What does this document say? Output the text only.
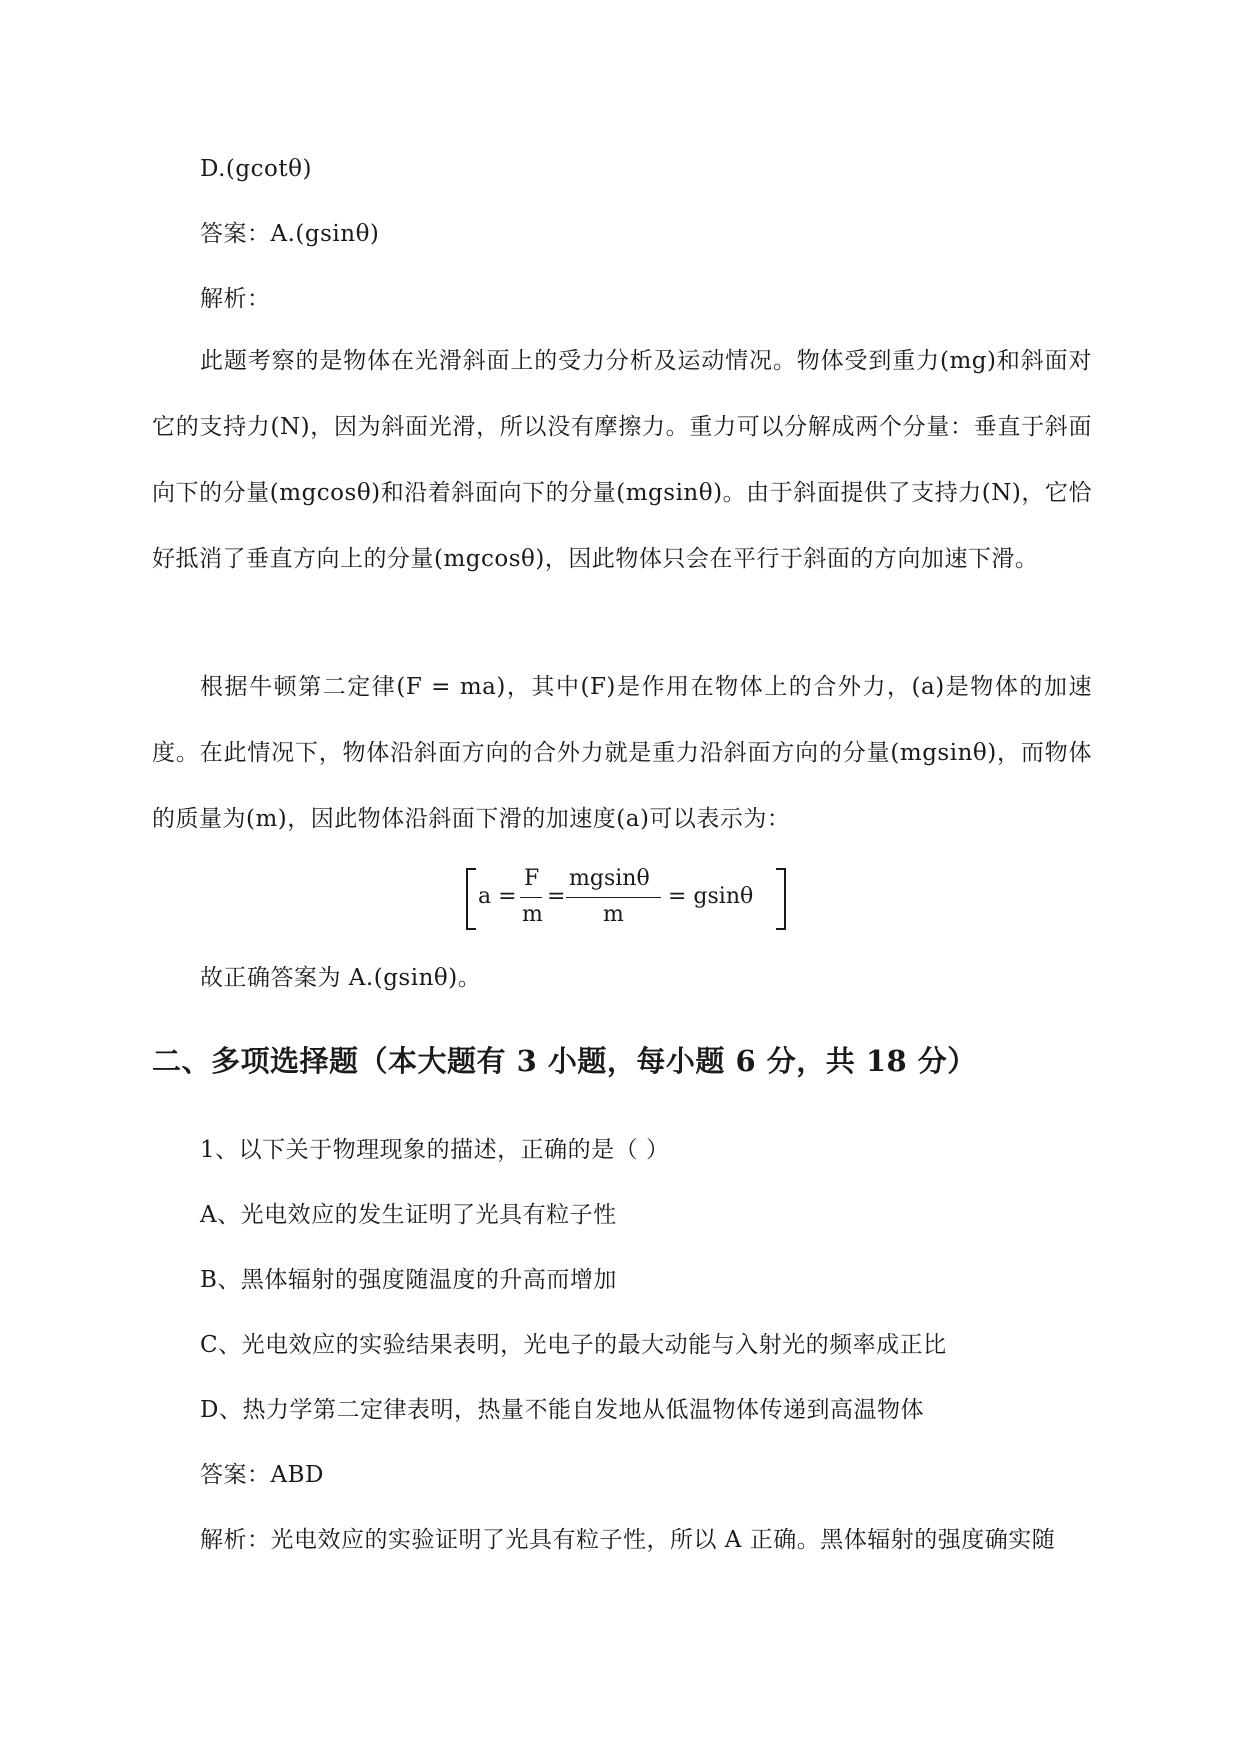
D.(gcotθ)
答案：A.(gsinθ)
解析：
此题考察的是物体在光滑斜面上的受力分析及运动情况。物体受到重力(mg)和斜面对它的支持力(N)，因为斜面光滑，所以没有摩擦力。重力可以分解成两个分量：垂直于斜面向下的分量(mgcosθ)和沿着斜面向下的分量(mgsinθ)。由于斜面提供了支持力(N)，它恰好抵消了垂直方向上的分量(mgcosθ)，因此物体只会在平行于斜面的方向加速下滑。
根据牛顿第二定律(F = ma)，其中(F)是作用在物体上的合外力，(a)是物体的加速度。在此情况下，物体沿斜面方向的合外力就是重力沿斜面方向的分量(mgsinθ)，而物体的质量为(m)，因此物体沿斜面下滑的加速度(a)可以表示为：
a =
F
m
=
mgsinθ
m
= gsinθ
故正确答案为 A.(gsinθ)。
二、多项选择题（本大题有 3 小题，每小题 6 分，共 18 分）
1、以下关于物理现象的描述，正确的是（ ）
A、光电效应的发生证明了光具有粒子性
B、黑体辐射的强度随温度的升高而增加
C、光电效应的实验结果表明，光电子的最大动能与入射光的频率成正比
D、热力学第二定律表明，热量不能自发地从低温物体传递到高温物体
答案：ABD
解析：光电效应的实验证明了光具有粒子性，所以 A 正确。黑体辐射的强度确实随
